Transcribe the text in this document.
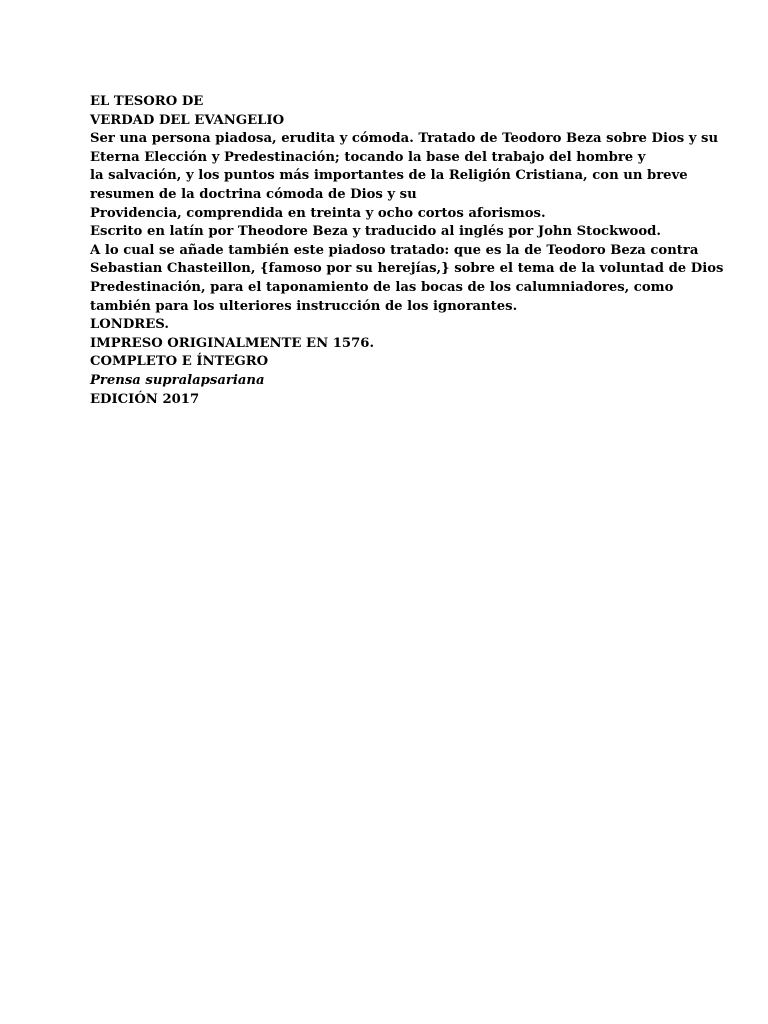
EL TESORO DE
VERDAD DEL EVANGELIO
Ser una persona piadosa, erudita y cómoda. Tratado de Teodoro Beza sobre Dios y su
Eterna Elección y Predestinación; tocando la base del trabajo del hombre y
la salvación, y los puntos más importantes de la Religión Cristiana, con un breve
resumen de la doctrina cómoda de Dios y su
Providencia, comprendida en treinta y ocho cortos aforismos.
Escrito en latín por Theodore Beza y traducido al inglés por John Stockwood.
A lo cual se añade también este piadoso tratado: que es la de Teodoro Beza contra
Sebastian Chasteillon, {famoso por su herejías,} sobre el tema de la voluntad de Dios
Predestinación, para el taponamiento de las bocas de los calumniadores, como
también para los ulteriores instrucción de los ignorantes.
LONDRES.
IMPRESO ORIGINALMENTE EN 1576.
COMPLETO E ÍNTEGRO
Prensa supralapsariana
EDICIÓN 2017
